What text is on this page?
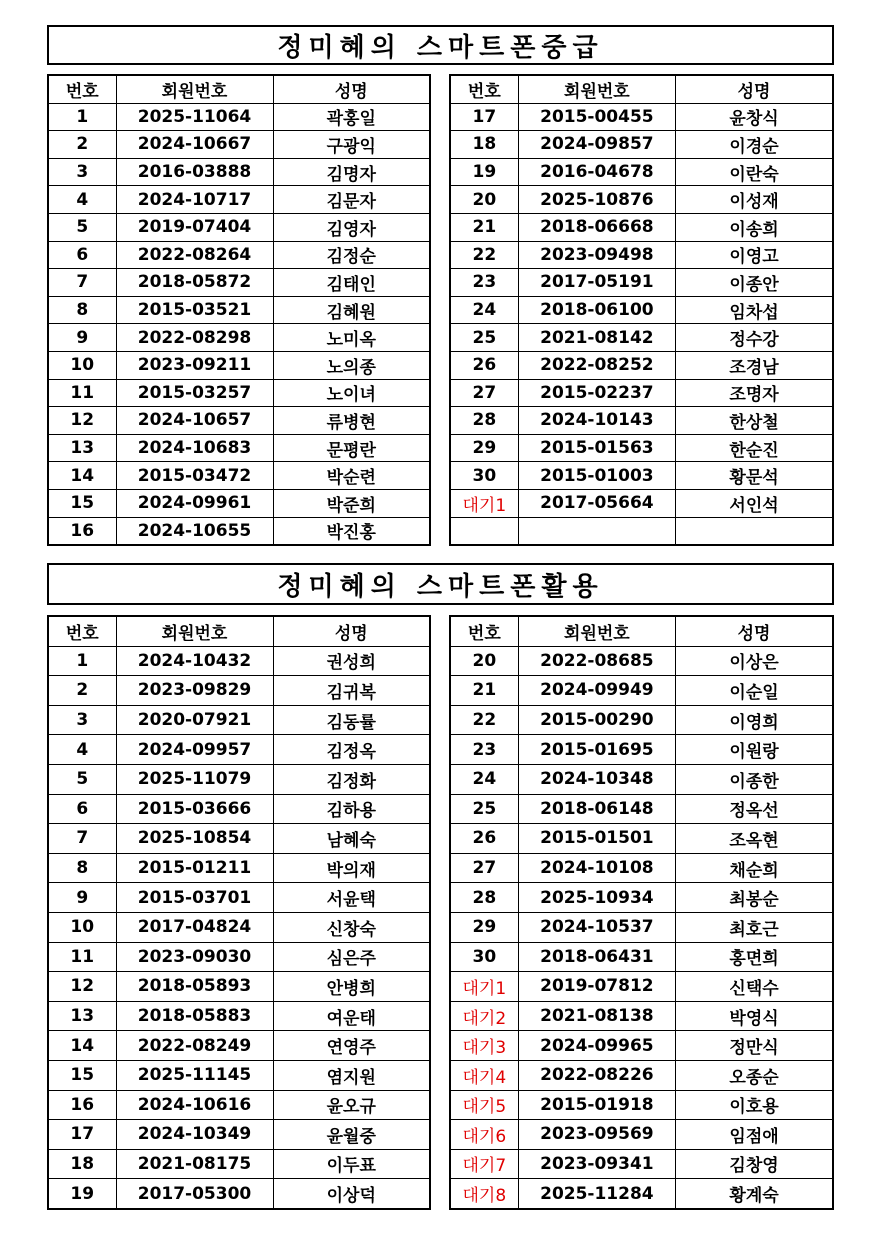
정미혜의 스마트폰중급
번호	회원번호	성명
1	2025-11064	곽홍일
2	2024-10667	구광익
3	2016-03888	김명자
4	2024-10717	김문자
5	2019-07404	김영자
6	2022-08264	김정순
7	2018-05872	김태인
8	2015-03521	김혜원
9	2022-08298	노미옥
10	2023-09211	노의종
11	2015-03257	노이녀
12	2024-10657	류병현
13	2024-10683	문평란
14	2015-03472	박순련
15	2024-09961	박준희
16	2024-10655	박진홍
번호	회원번호	성명
17	2015-00455	윤창식
18	2024-09857	이경순
19	2016-04678	이란숙
20	2025-10876	이성재
21	2018-06668	이송희
22	2023-09498	이영고
23	2017-05191	이종안
24	2018-06100	임차섭
25	2021-08142	정수강
26	2022-08252	조경남
27	2015-02237	조명자
28	2024-10143	한상철
29	2015-01563	한순진
30	2015-01003	황문석
대기1	2017-05664	서인석

정미혜의 스마트폰활용
번호	회원번호	성명
1	2024-10432	권성희
2	2023-09829	김귀복
3	2020-07921	김동률
4	2024-09957	김정옥
5	2025-11079	김정화
6	2015-03666	김하용
7	2025-10854	남혜숙
8	2015-01211	박의재
9	2015-03701	서윤택
10	2017-04824	신창숙
11	2023-09030	심은주
12	2018-05893	안병희
13	2018-05883	여운태
14	2022-08249	연영주
15	2025-11145	염지원
16	2024-10616	윤오규
17	2024-10349	윤월중
18	2021-08175	이두표
19	2017-05300	이상덕
번호	회원번호	성명
20	2022-08685	이상은
21	2024-09949	이순일
22	2015-00290	이영희
23	2015-01695	이원랑
24	2024-10348	이종한
25	2018-06148	정옥선
26	2015-01501	조옥현
27	2024-10108	채순희
28	2025-10934	최봉순
29	2024-10537	최호근
30	2018-06431	홍면희
대기1	2019-07812	신택수
대기2	2021-08138	박영식
대기3	2024-09965	정만식
대기4	2022-08226	오종순
대기5	2015-01918	이호용
대기6	2023-09569	임점애
대기7	2023-09341	김창영
대기8	2025-11284	황계숙
